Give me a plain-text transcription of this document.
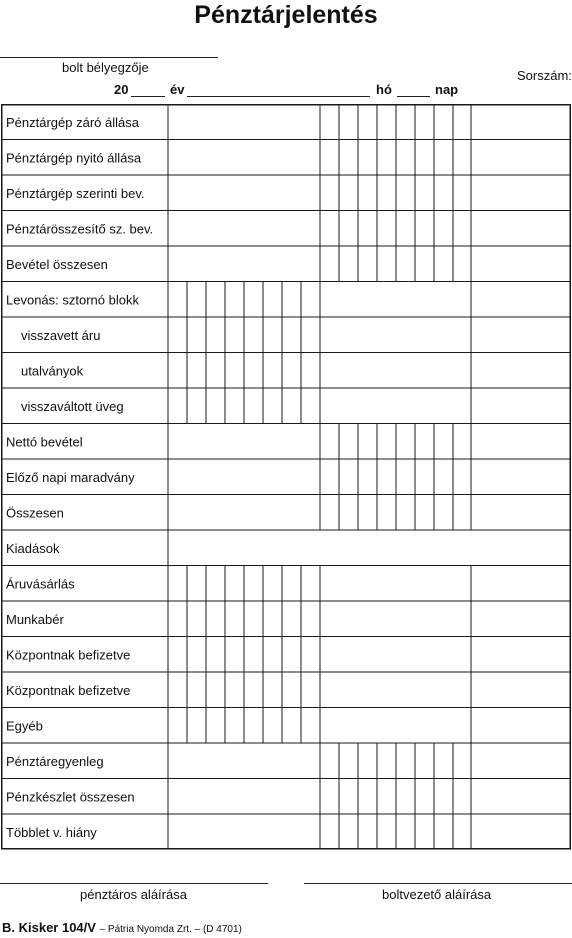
Pénztárjelentés
bolt bélyegzője
Sorszám:
20	év	hó	nap
Pénztárgép záró állása
Pénztárgép nyitó állása
Pénztárgép szerinti bev.
Pénztárösszesítő sz. bev.
Bevétel összesen
Levonás: sztornó blokk
visszavett áru
utalványok
visszaváltott üveg
Nettó bevétel
Előző napi maradvány
Összesen
Kiadások
Áruvásárlás
Munkabér
Központnak befizetve
Központnak befizetve
Egyéb
Pénztáregyenleg
Pénzkészlet összesen
Többlet v. hiány
pénztáros aláírása	boltvezető aláírása
B. Kisker 104/V – Pátria Nyomda Zrt. – (D 4701)
